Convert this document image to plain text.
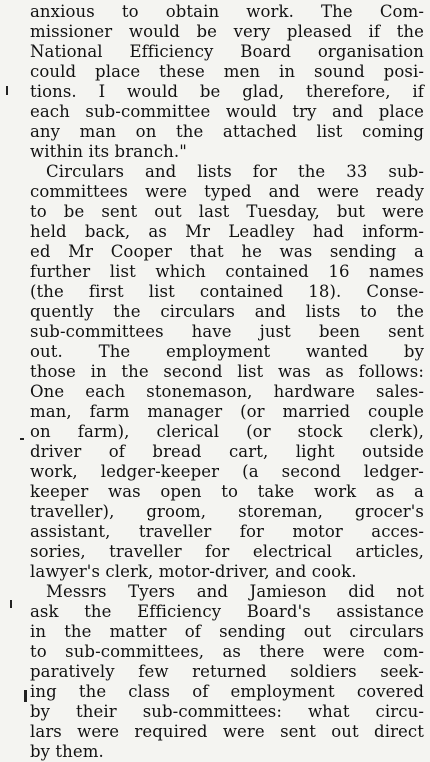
anxious to obtain work. The Com-
missioner would be very pleased if the
National Efficiency Board organisation
could place these men in sound posi-
tions. I would be glad, therefore, if
each sub-committee would try and place
any man on the attached list coming
within its branch."
Circulars and lists for the 33 sub-
committees were typed and were ready
to be sent out last Tuesday, but were
held back, as Mr Leadley had inform-
ed Mr Cooper that he was sending a
further list which contained 16 names
(the first list contained 18). Conse-
quently the circulars and lists to the
sub-committees have just been sent
out. The employment wanted by
those in the second list was as follows:
One each stonemason, hardware sales-
man, farm manager (or married couple
on farm), clerical (or stock clerk),
driver of bread cart, light outside
work, ledger-keeper (a second ledger-
keeper was open to take work as a
traveller), groom, storeman, grocer's
assistant, traveller for motor acces-
sories, traveller for electrical articles,
lawyer's clerk, motor-driver, and cook.
Messrs Tyers and Jamieson did not
ask the Efficiency Board's assistance
in the matter of sending out circulars
to sub-committees, as there were com-
paratively few returned soldiers seek-
ing the class of employment covered
by their sub-committees: what circu-
lars were required were sent out direct
by them.
